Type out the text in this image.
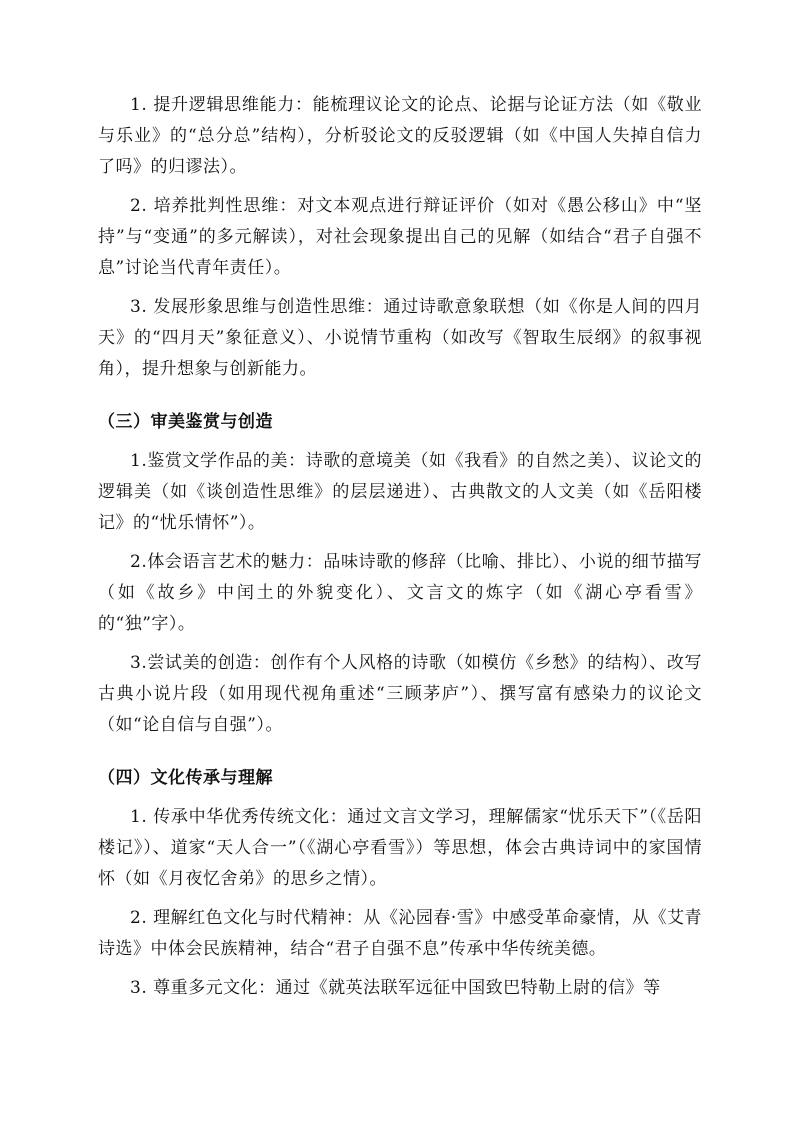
1. 提升逻辑思维能力：能梳理议论文的论点、论据与论证方法（如《敬业与乐业》的“总分总”结构），分析驳论文的反驳逻辑（如《中国人失掉自信力了吗》的归谬法）。

2. 培养批判性思维：对文本观点进行辩证评价（如对《愚公移山》中“坚持”与“变通”的多元解读），对社会现象提出自己的见解（如结合“君子自强不息”讨论当代青年责任）。

3. 发展形象思维与创造性思维：通过诗歌意象联想（如《你是人间的四月天》的“四月天”象征意义）、小说情节重构（如改写《智取生辰纲》的叙事视角），提升想象与创新能力。

（三）审美鉴赏与创造

1.鉴赏文学作品的美：诗歌的意境美（如《我看》的自然之美）、议论文的逻辑美（如《谈创造性思维》的层层递进）、古典散文的人文美（如《岳阳楼记》的“忧乐情怀”）。

2.体会语言艺术的魅力：品味诗歌的修辞（比喻、排比）、小说的细节描写（如《故乡》中闰土的外貌变化）、文言文的炼字（如《湖心亭看雪》的“独”字）。

3.尝试美的创造：创作有个人风格的诗歌（如模仿《乡愁》的结构）、改写古典小说片段（如用现代视角重述“三顾茅庐”）、撰写富有感染力的议论文（如“论自信与自强”）。

（四）文化传承与理解

1. 传承中华优秀传统文化：通过文言文学习，理解儒家“忧乐天下”（《岳阳楼记》）、道家“天人合一”（《湖心亭看雪》）等思想，体会古典诗词中的家国情怀（如《月夜忆舍弟》的思乡之情）。

2. 理解红色文化与时代精神：从《沁园春·雪》中感受革命豪情，从《艾青诗选》中体会民族精神，结合“君子自强不息”传承中华传统美德。

3. 尊重多元文化：通过《就英法联军远征中国致巴特勒上尉的信》等
